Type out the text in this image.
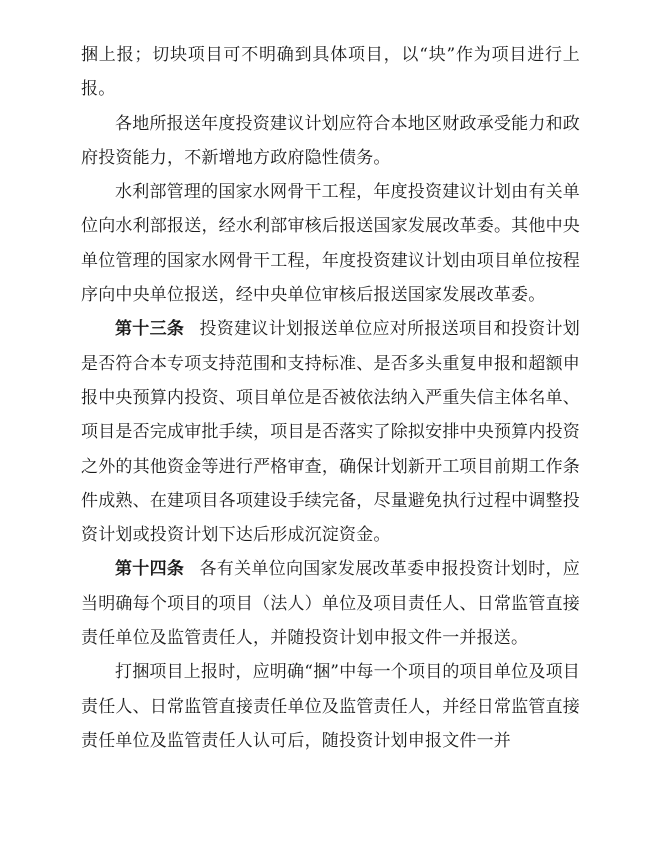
捆上报；切块项目可不明确到具体项目，以“块”作为项目进行上报。

各地所报送年度投资建议计划应符合本地区财政承受能力和政府投资能力，不新增地方政府隐性债务。

水利部管理的国家水网骨干工程，年度投资建议计划由有关单位向水利部报送，经水利部审核后报送国家发展改革委。其他中央单位管理的国家水网骨干工程，年度投资建议计划由项目单位按程序向中央单位报送，经中央单位审核后报送国家发展改革委。

第十三条 投资建议计划报送单位应对所报送项目和投资计划是否符合本专项支持范围和支持标准、是否多头重复申报和超额申报中央预算内投资、项目单位是否被依法纳入严重失信主体名单、项目是否完成审批手续，项目是否落实了除拟安排中央预算内投资之外的其他资金等进行严格审查，确保计划新开工项目前期工作条件成熟、在建项目各项建设手续完备，尽量避免执行过程中调整投资计划或投资计划下达后形成沉淀资金。

第十四条 各有关单位向国家发展改革委申报投资计划时，应当明确每个项目的项目（法人）单位及项目责任人、日常监管直接责任单位及监管责任人，并随投资计划申报文件一并报送。

打捆项目上报时，应明确“捆”中每一个项目的项目单位及项目责任人、日常监管直接责任单位及监管责任人，并经日常监管直接责任单位及监管责任人认可后，随投资计划申报文件一并
